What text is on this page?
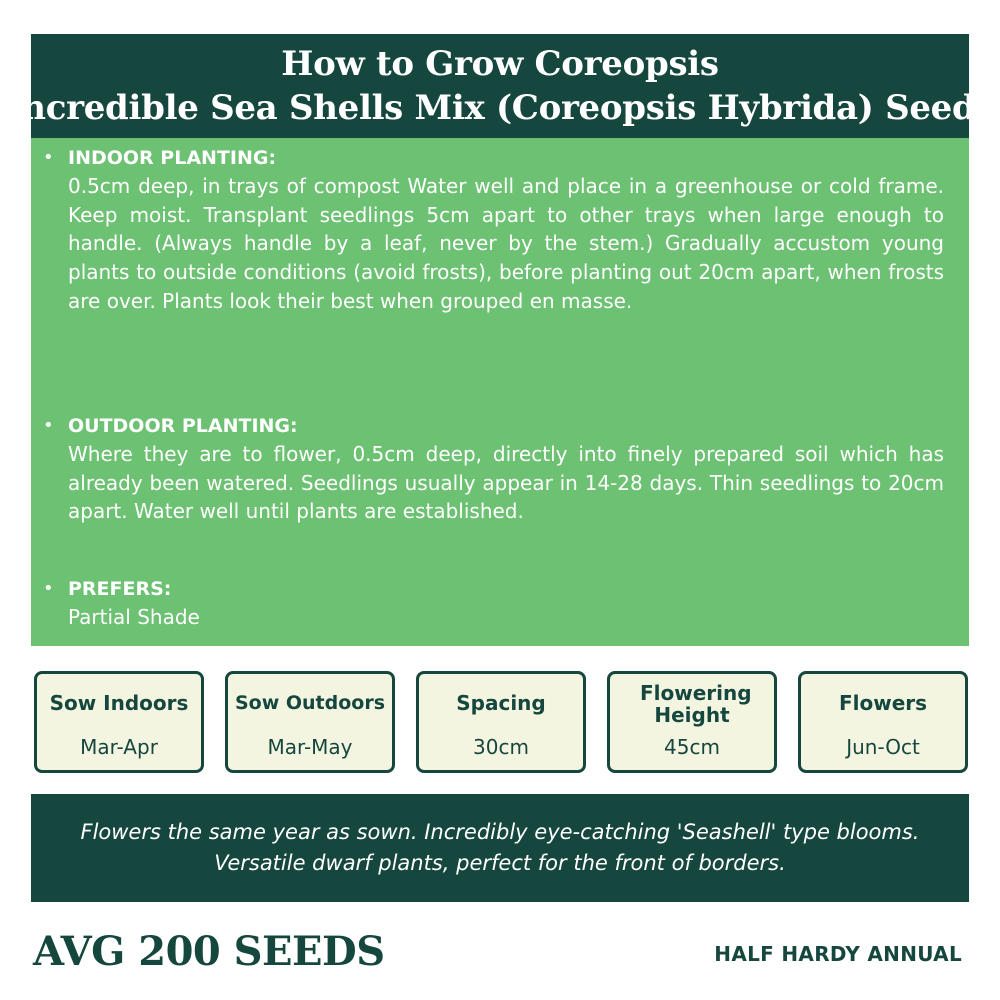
How to Grow Coreopsis
Incredible Sea Shells Mix (Coreopsis Hybrida) Seeds
• INDOOR PLANTING:
0.5cm deep, in trays of compost Water well and place in a greenhouse or cold frame. Keep moist. Transplant seedlings 5cm apart to other trays when large enough to handle. (Always handle by a leaf, never by the stem.) Gradually accustom young plants to outside conditions (avoid frosts), before planting out 20cm apart, when frosts are over. Plants look their best when grouped en masse.
• OUTDOOR PLANTING:
Where they are to flower, 0.5cm deep, directly into finely prepared soil which has already been watered. Seedlings usually appear in 14-28 days. Thin seedlings to 20cm apart. Water well until plants are established.
• PREFERS:
Partial Shade
Sow Indoors
Mar-Apr
Sow Outdoors
Mar-May
Spacing
30cm
Flowering Height
45cm
Flowers
Jun-Oct
Flowers the same year as sown. Incredibly eye-catching 'Seashell' type blooms. Versatile dwarf plants, perfect for the front of borders.
AVG 200 SEEDS	HALF HARDY ANNUAL
